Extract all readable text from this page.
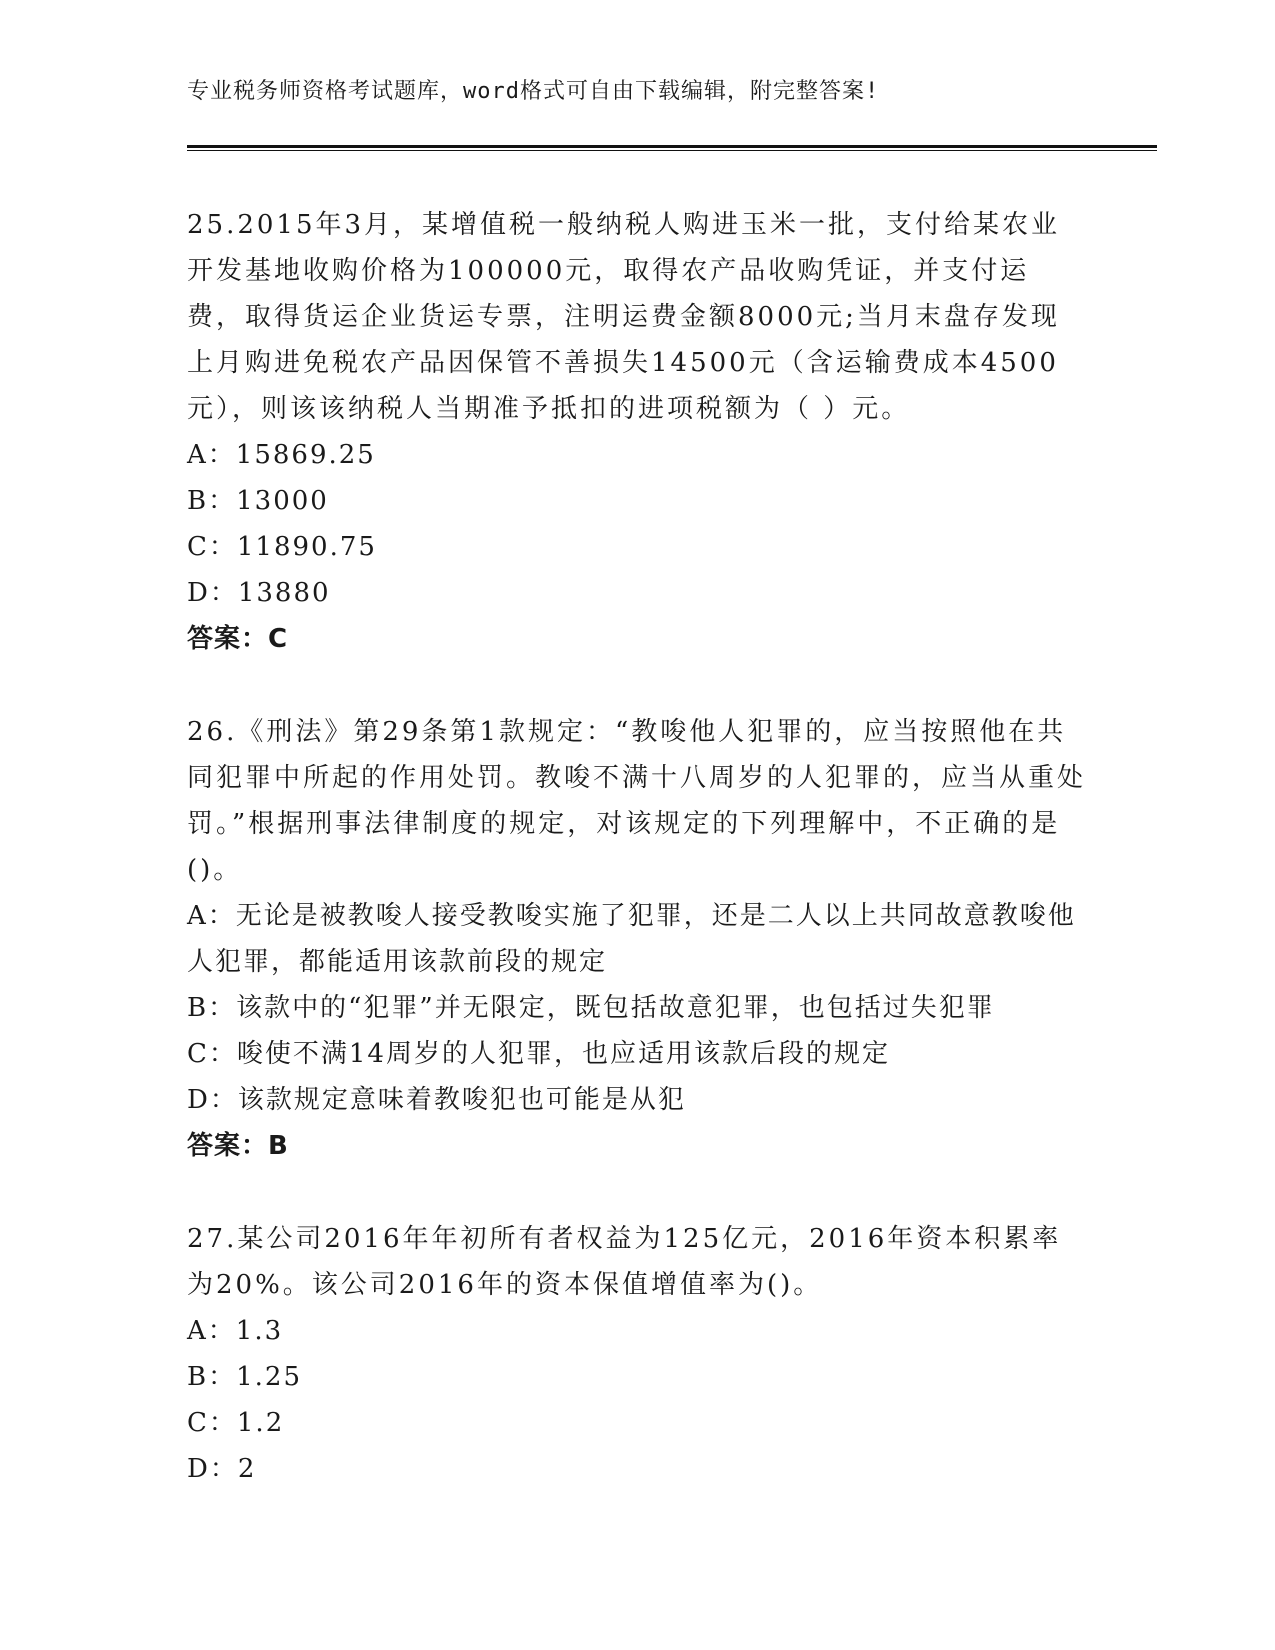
专业税务师资格考试题库，word格式可自由下载编辑，附完整答案!

25.2015年3月，某增值税一般纳税人购进玉米一批，支付给某农业开发基地收购价格为100000元，取得农产品收购凭证，并支付运费，取得货运企业货运专票，注明运费金额8000元;当月末盘存发现上月购进免税农产品因保管不善损失14500元（含运输费成本4500元），则该该纳税人当期准予抵扣的进项税额为（ ）元。

A：15869.25

B：13000

C：11890.75

D：13880

答案：C

26.《刑法》第29条第1款规定：“教唆他人犯罪的，应当按照他在共同犯罪中所起的作用处罚。教唆不满十八周岁的人犯罪的，应当从重处罚。”根据刑事法律制度的规定，对该规定的下列理解中，不正确的是()。

A：无论是被教唆人接受教唆实施了犯罪，还是二人以上共同故意教唆他人犯罪，都能适用该款前段的规定

B：该款中的“犯罪”并无限定，既包括故意犯罪，也包括过失犯罪

C：唆使不满14周岁的人犯罪，也应适用该款后段的规定

D：该款规定意味着教唆犯也可能是从犯

答案：B

27.某公司2016年年初所有者权益为125亿元，2016年资本积累率为20%。该公司2016年的资本保值增值率为()。

A：1.3

B：1.25

C：1.2

D：2
